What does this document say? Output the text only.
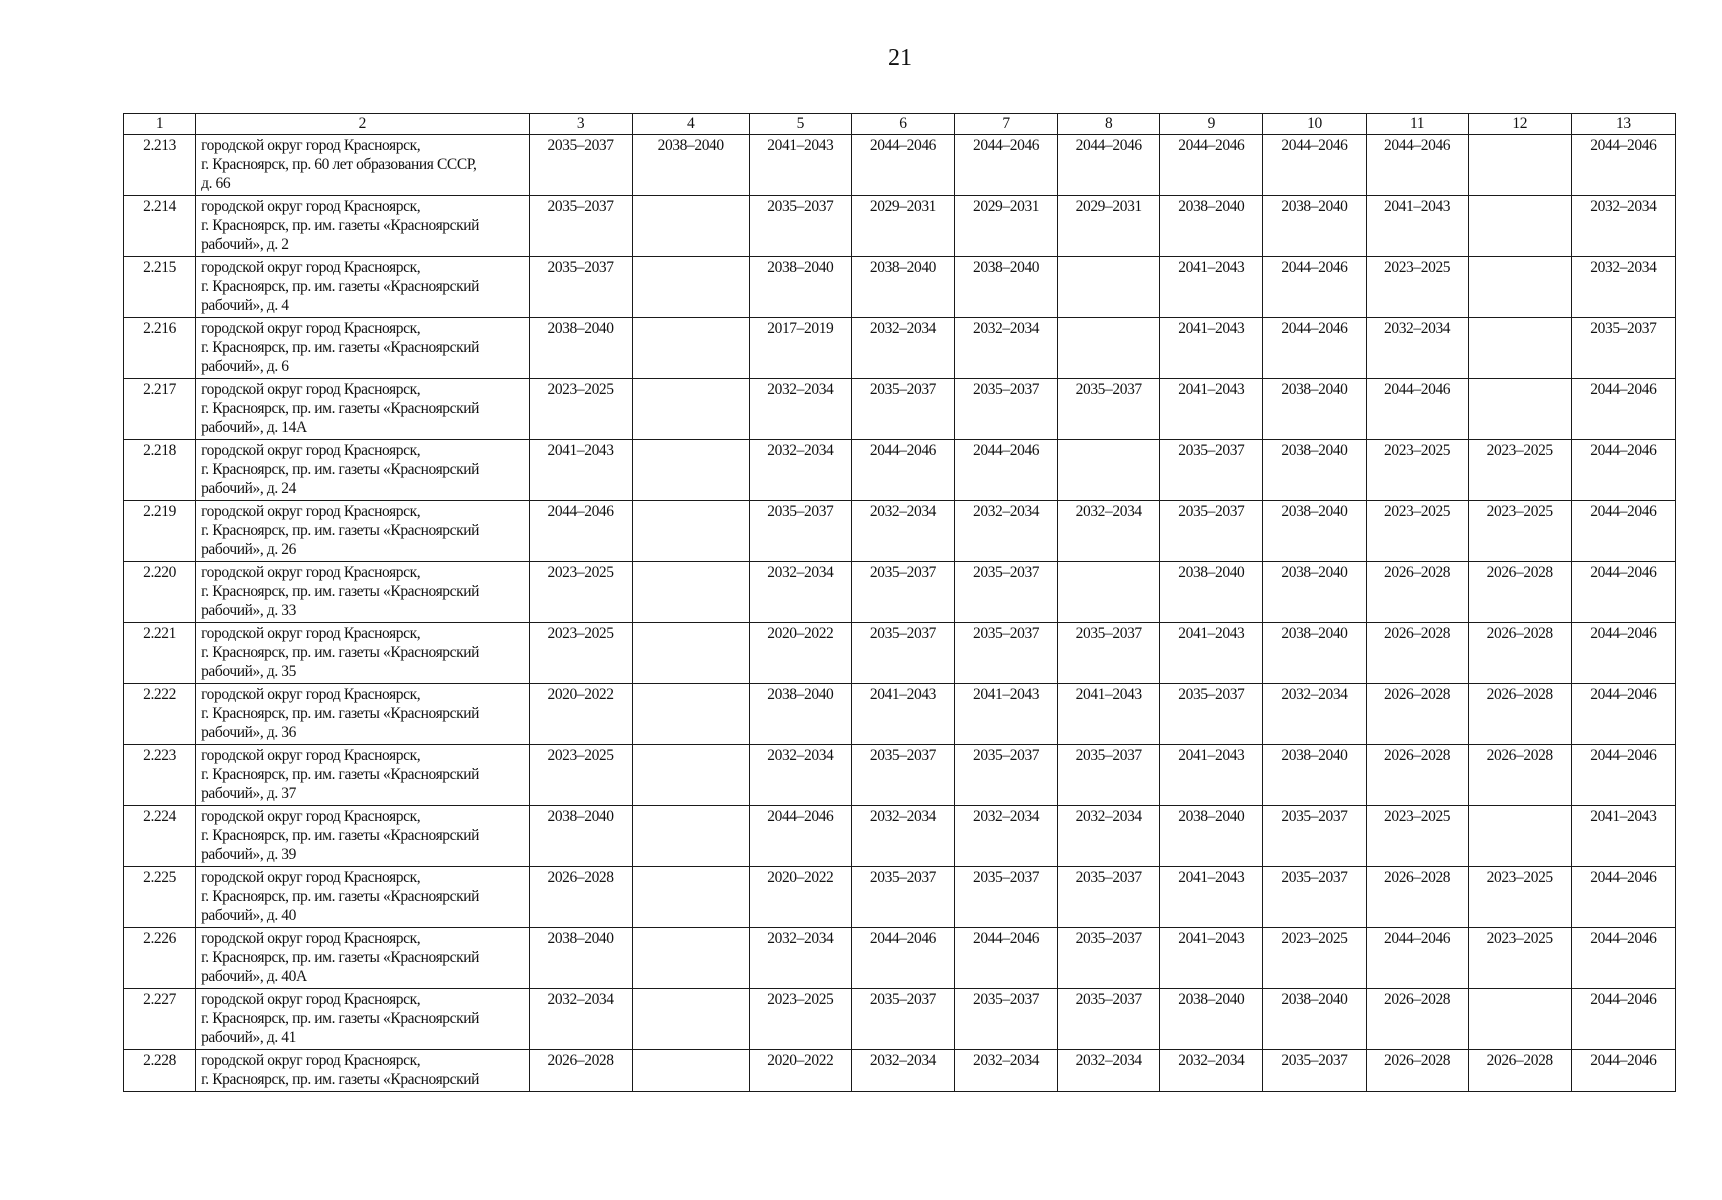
21
1	2	3	4	5	6	7	8	9	10	11	12	13
2.213	городской округ город Красноярск,
г. Красноярск, пр. 60 лет образования СССР,
д. 66	2035–2037	2038–2040	2041–2043	2044–2046	2044–2046	2044–2046	2044–2046	2044–2046	2044–2046		2044–2046
2.214	городской округ город Красноярск,
г. Красноярск, пр. им. газеты «Красноярский
рабочий», д. 2	2035–2037		2035–2037	2029–2031	2029–2031	2029–2031	2038–2040	2038–2040	2041–2043		2032–2034
2.215	городской округ город Красноярск,
г. Красноярск, пр. им. газеты «Красноярский
рабочий», д. 4	2035–2037		2038–2040	2038–2040	2038–2040		2041–2043	2044–2046	2023–2025		2032–2034
2.216	городской округ город Красноярск,
г. Красноярск, пр. им. газеты «Красноярский
рабочий», д. 6	2038–2040		2017–2019	2032–2034	2032–2034		2041–2043	2044–2046	2032–2034		2035–2037
2.217	городской округ город Красноярск,
г. Красноярск, пр. им. газеты «Красноярский
рабочий», д. 14А	2023–2025		2032–2034	2035–2037	2035–2037	2035–2037	2041–2043	2038–2040	2044–2046		2044–2046
2.218	городской округ город Красноярск,
г. Красноярск, пр. им. газеты «Красноярский
рабочий», д. 24	2041–2043		2032–2034	2044–2046	2044–2046		2035–2037	2038–2040	2023–2025	2023–2025	2044–2046
2.219	городской округ город Красноярск,
г. Красноярск, пр. им. газеты «Красноярский
рабочий», д. 26	2044–2046		2035–2037	2032–2034	2032–2034	2032–2034	2035–2037	2038–2040	2023–2025	2023–2025	2044–2046
2.220	городской округ город Красноярск,
г. Красноярск, пр. им. газеты «Красноярский
рабочий», д. 33	2023–2025		2032–2034	2035–2037	2035–2037		2038–2040	2038–2040	2026–2028	2026–2028	2044–2046
2.221	городской округ город Красноярск,
г. Красноярск, пр. им. газеты «Красноярский
рабочий», д. 35	2023–2025		2020–2022	2035–2037	2035–2037	2035–2037	2041–2043	2038–2040	2026–2028	2026–2028	2044–2046
2.222	городской округ город Красноярск,
г. Красноярск, пр. им. газеты «Красноярский
рабочий», д. 36	2020–2022		2038–2040	2041–2043	2041–2043	2041–2043	2035–2037	2032–2034	2026–2028	2026–2028	2044–2046
2.223	городской округ город Красноярск,
г. Красноярск, пр. им. газеты «Красноярский
рабочий», д. 37	2023–2025		2032–2034	2035–2037	2035–2037	2035–2037	2041–2043	2038–2040	2026–2028	2026–2028	2044–2046
2.224	городской округ город Красноярск,
г. Красноярск, пр. им. газеты «Красноярский
рабочий», д. 39	2038–2040		2044–2046	2032–2034	2032–2034	2032–2034	2038–2040	2035–2037	2023–2025		2041–2043
2.225	городской округ город Красноярск,
г. Красноярск, пр. им. газеты «Красноярский
рабочий», д. 40	2026–2028		2020–2022	2035–2037	2035–2037	2035–2037	2041–2043	2035–2037	2026–2028	2023–2025	2044–2046
2.226	городской округ город Красноярск,
г. Красноярск, пр. им. газеты «Красноярский
рабочий», д. 40А	2038–2040		2032–2034	2044–2046	2044–2046	2035–2037	2041–2043	2023–2025	2044–2046	2023–2025	2044–2046
2.227	городской округ город Красноярск,
г. Красноярск, пр. им. газеты «Красноярский
рабочий», д. 41	2032–2034		2023–2025	2035–2037	2035–2037	2035–2037	2038–2040	2038–2040	2026–2028		2044–2046
2.228	городской округ город Красноярск,
г. Красноярск, пр. им. газеты «Красноярский	2026–2028		2020–2022	2032–2034	2032–2034	2032–2034	2032–2034	2035–2037	2026–2028	2026–2028	2044–2046
